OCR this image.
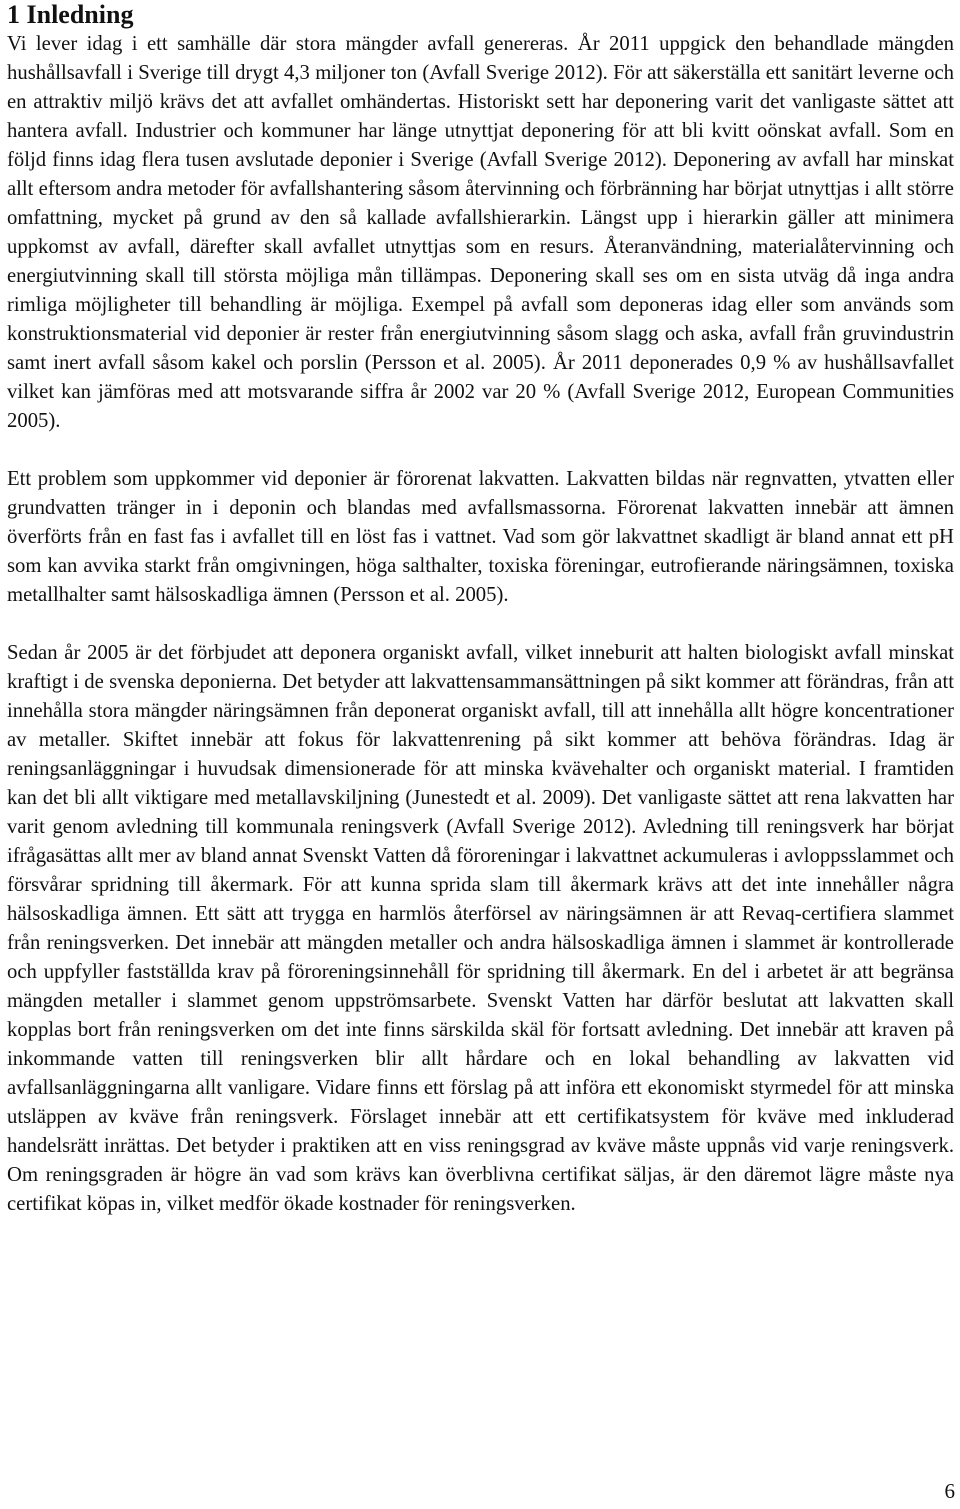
1 Inledning

Vi lever idag i ett samhälle där stora mängder avfall genereras. År 2011 uppgick den behandlade mängden hushållsavfall i Sverige till drygt 4,3 miljoner ton (Avfall Sverige 2012). För att säkerställa ett sanitärt leverne och en attraktiv miljö krävs det att avfallet omhändertas. Historiskt sett har deponering varit det vanligaste sättet att hantera avfall. Industrier och kommuner har länge utnyttjat deponering för att bli kvitt oönskat avfall. Som en följd finns idag flera tusen avslutade deponier i Sverige (Avfall Sverige 2012). Deponering av avfall har minskat allt eftersom andra metoder för avfallshantering såsom återvinning och förbränning har börjat utnyttjas i allt större omfattning, mycket på grund av den så kallade avfallshierarkin. Längst upp i hierarkin gäller att minimera uppkomst av avfall, därefter skall avfallet utnyttjas som en resurs. Återanvändning, materialåtervinning och energiutvinning skall till största möjliga mån tillämpas. Deponering skall ses om en sista utväg då inga andra rimliga möjligheter till behandling är möjliga. Exempel på avfall som deponeras idag eller som används som konstruktionsmaterial vid deponier är rester från energiutvinning såsom slagg och aska, avfall från gruvindustrin samt inert avfall såsom kakel och porslin (Persson et al. 2005). År 2011 deponerades 0,9 % av hushållsavfallet vilket kan jämföras med att motsvarande siffra år 2002 var 20 % (Avfall Sverige 2012, European Communities 2005).

Ett problem som uppkommer vid deponier är förorenat lakvatten. Lakvatten bildas när regnvatten, ytvatten eller grundvatten tränger in i deponin och blandas med avfallsmassorna. Förorenat lakvatten innebär att ämnen överförts från en fast fas i avfallet till en löst fas i vattnet. Vad som gör lakvattnet skadligt är bland annat ett pH som kan avvika starkt från omgivningen, höga salthalter, toxiska föreningar, eutrofierande näringsämnen, toxiska metallhalter samt hälsoskadliga ämnen (Persson et al. 2005).

Sedan år 2005 är det förbjudet att deponera organiskt avfall, vilket inneburit att halten biologiskt avfall minskat kraftigt i de svenska deponierna. Det betyder att lakvattensammansättningen på sikt kommer att förändras, från att innehålla stora mängder näringsämnen från deponerat organiskt avfall, till att innehålla allt högre koncentrationer av metaller. Skiftet innebär att fokus för lakvattenrening på sikt kommer att behöva förändras. Idag är reningsanläggningar i huvudsak dimensionerade för att minska kvävehalter och organiskt material. I framtiden kan det bli allt viktigare med metallavskiljning (Junestedt et al. 2009). Det vanligaste sättet att rena lakvatten har varit genom avledning till kommunala reningsverk (Avfall Sverige 2012). Avledning till reningsverk har börjat ifrågasättas allt mer av bland annat Svenskt Vatten då föroreningar i lakvattnet ackumuleras i avloppsslammet och försvårar spridning till åkermark. För att kunna sprida slam till åkermark krävs att det inte innehåller några hälsoskadliga ämnen. Ett sätt att trygga en harmlös återförsel av näringsämnen är att Revaq-certifiera slammet från reningsverken. Det innebär att mängden metaller och andra hälsoskadliga ämnen i slammet är kontrollerade och uppfyller fastställda krav på föroreningsinnehåll för spridning till åkermark. En del i arbetet är att begränsa mängden metaller i slammet genom uppströmsarbete. Svenskt Vatten har därför beslutat att lakvatten skall kopplas bort från reningsverken om det inte finns särskilda skäl för fortsatt avledning. Det innebär att kraven på inkommande vatten till reningsverken blir allt hårdare och en lokal behandling av lakvatten vid avfallsanläggningarna allt vanligare. Vidare finns ett förslag på att införa ett ekonomiskt styrmedel för att minska utsläppen av kväve från reningsverk. Förslaget innebär att ett certifikatsystem för kväve med inkluderad handelsrätt inrättas. Det betyder i praktiken att en viss reningsgrad av kväve måste uppnås vid varje reningsverk. Om reningsgraden är högre än vad som krävs kan överblivna certifikat säljas, är den däremot lägre måste nya certifikat köpas in, vilket medför ökade kostnader för reningsverken.

6
